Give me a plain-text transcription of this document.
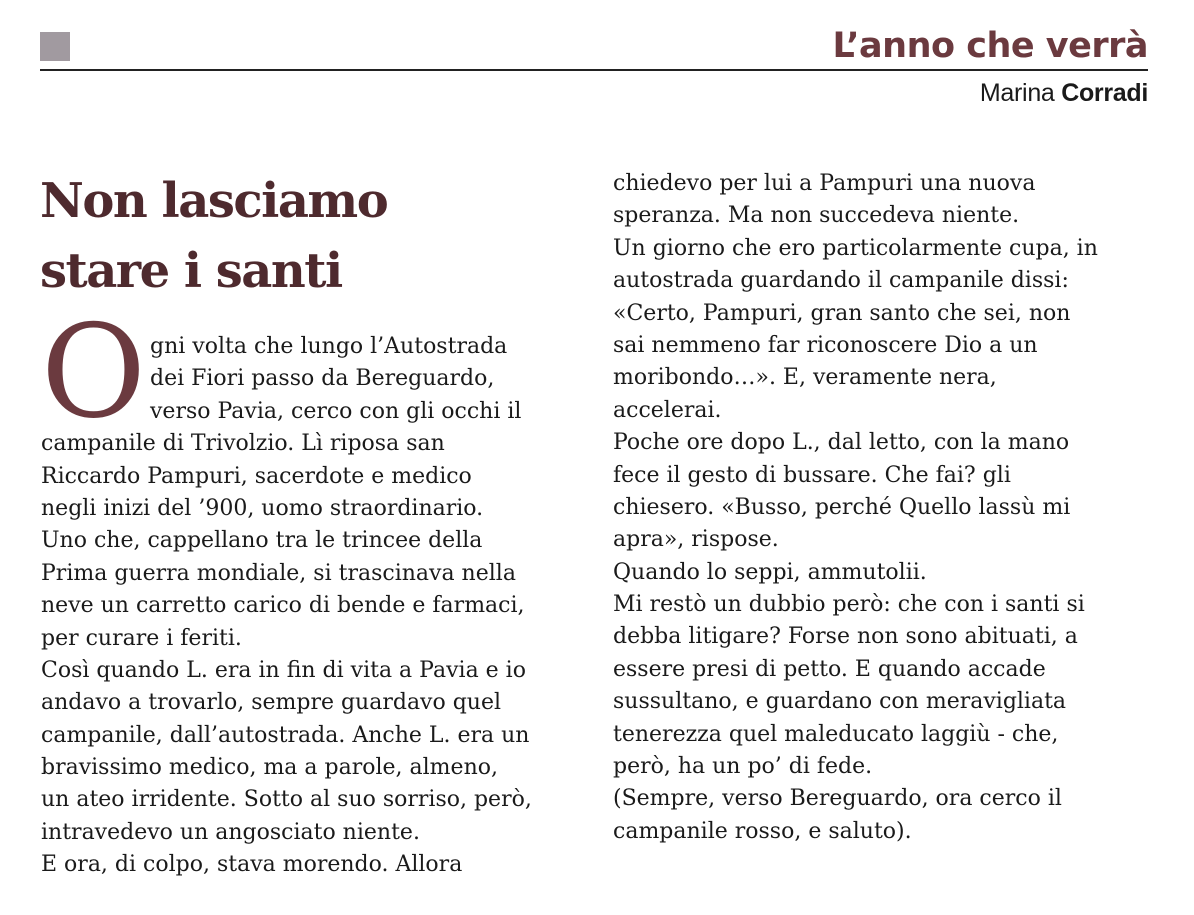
L’anno che verrà
Marina Corradi
Non lasciamo
stare i santi
O gni volta che lungo l’Autostrada
dei Fiori passo da Bereguardo,
verso Pavia, cerco con gli occhi il
campanile di Trivolzio. Lì riposa san
Riccardo Pampuri, sacerdote e medico
negli inizi del ’900, uomo straordinario.
Uno che, cappellano tra le trincee della
Prima guerra mondiale, si trascinava nella
neve un carretto carico di bende e farmaci,
per curare i feriti.
Così quando L. era in fin di vita a Pavia e io
andavo a trovarlo, sempre guardavo quel
campanile, dall’autostrada. Anche L. era un
bravissimo medico, ma a parole, almeno,
un ateo irridente. Sotto al suo sorriso, però,
intravedevo un angosciato niente.
E ora, di colpo, stava morendo. Allora
chiedevo per lui a Pampuri una nuova
speranza. Ma non succedeva niente.
Un giorno che ero particolarmente cupa, in
autostrada guardando il campanile dissi:
«Certo, Pampuri, gran santo che sei, non
sai nemmeno far riconoscere Dio a un
moribondo…». E, veramente nera,
accelerai.
Poche ore dopo L., dal letto, con la mano
fece il gesto di bussare. Che fai? gli
chiesero. «Busso, perché Quello lassù mi
apra», rispose.
Quando lo seppi, ammutolii.
Mi restò un dubbio però: che con i santi si
debba litigare? Forse non sono abituati, a
essere presi di petto. E quando accade
sussultano, e guardano con meravigliata
tenerezza quel maleducato laggiù - che,
però, ha un po’ di fede.
(Sempre, verso Bereguardo, ora cerco il
campanile rosso, e saluto).
